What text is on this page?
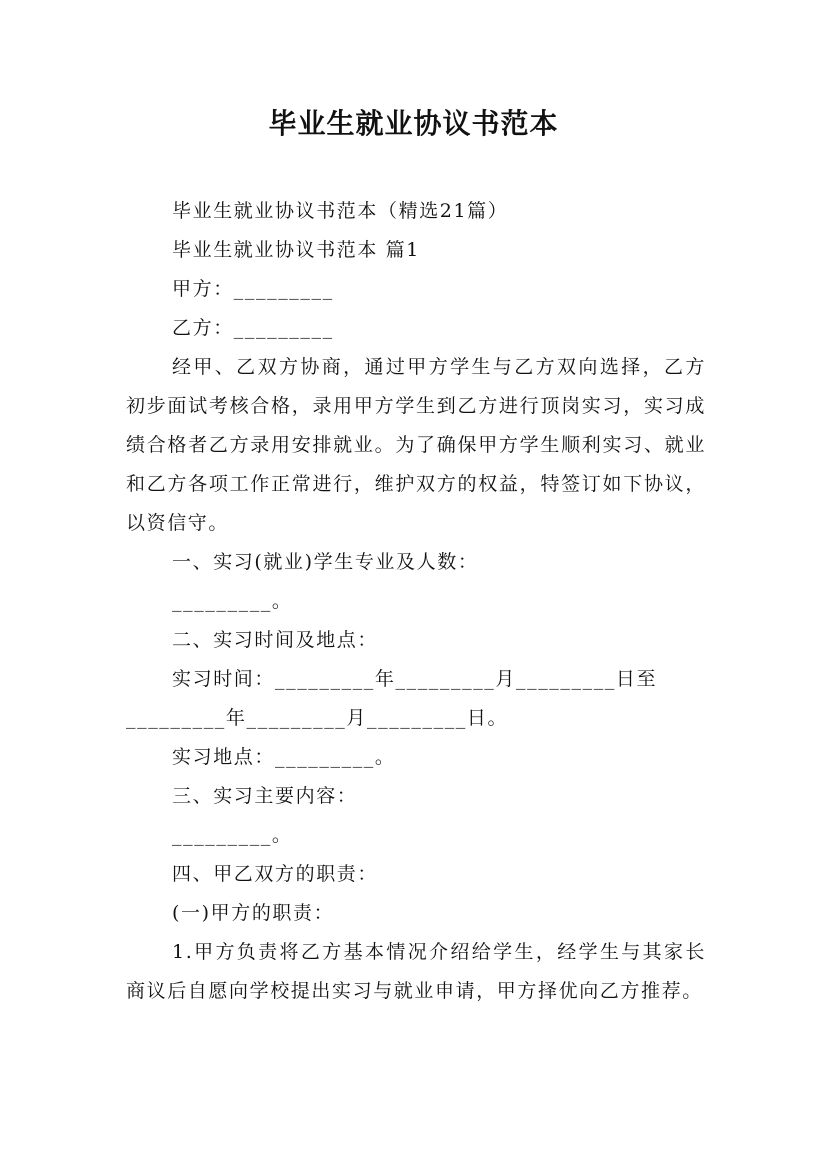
毕业生就业协议书范本

毕业生就业协议书范本（精选21篇）

毕业生就业协议书范本 篇1

甲方：_________

乙方：_________

经甲、乙双方协商，通过甲方学生与乙方双向选择，乙方初步面试考核合格，录用甲方学生到乙方进行顶岗实习，实习成绩合格者乙方录用安排就业。为了确保甲方学生顺利实习、就业和乙方各项工作正常进行，维护双方的权益，特签订如下协议，以资信守。

一、实习(就业)学生专业及人数：

_________。

二、实习时间及地点：

实习时间：_________年_________月_________日至

_________年_________月_________日。

实习地点：_________。

三、实习主要内容：

_________。

四、甲乙双方的职责：

(一)甲方的职责：

1.甲方负责将乙方基本情况介绍给学生，经学生与其家长商议后自愿向学校提出实习与就业申请，甲方择优向乙方推荐。
